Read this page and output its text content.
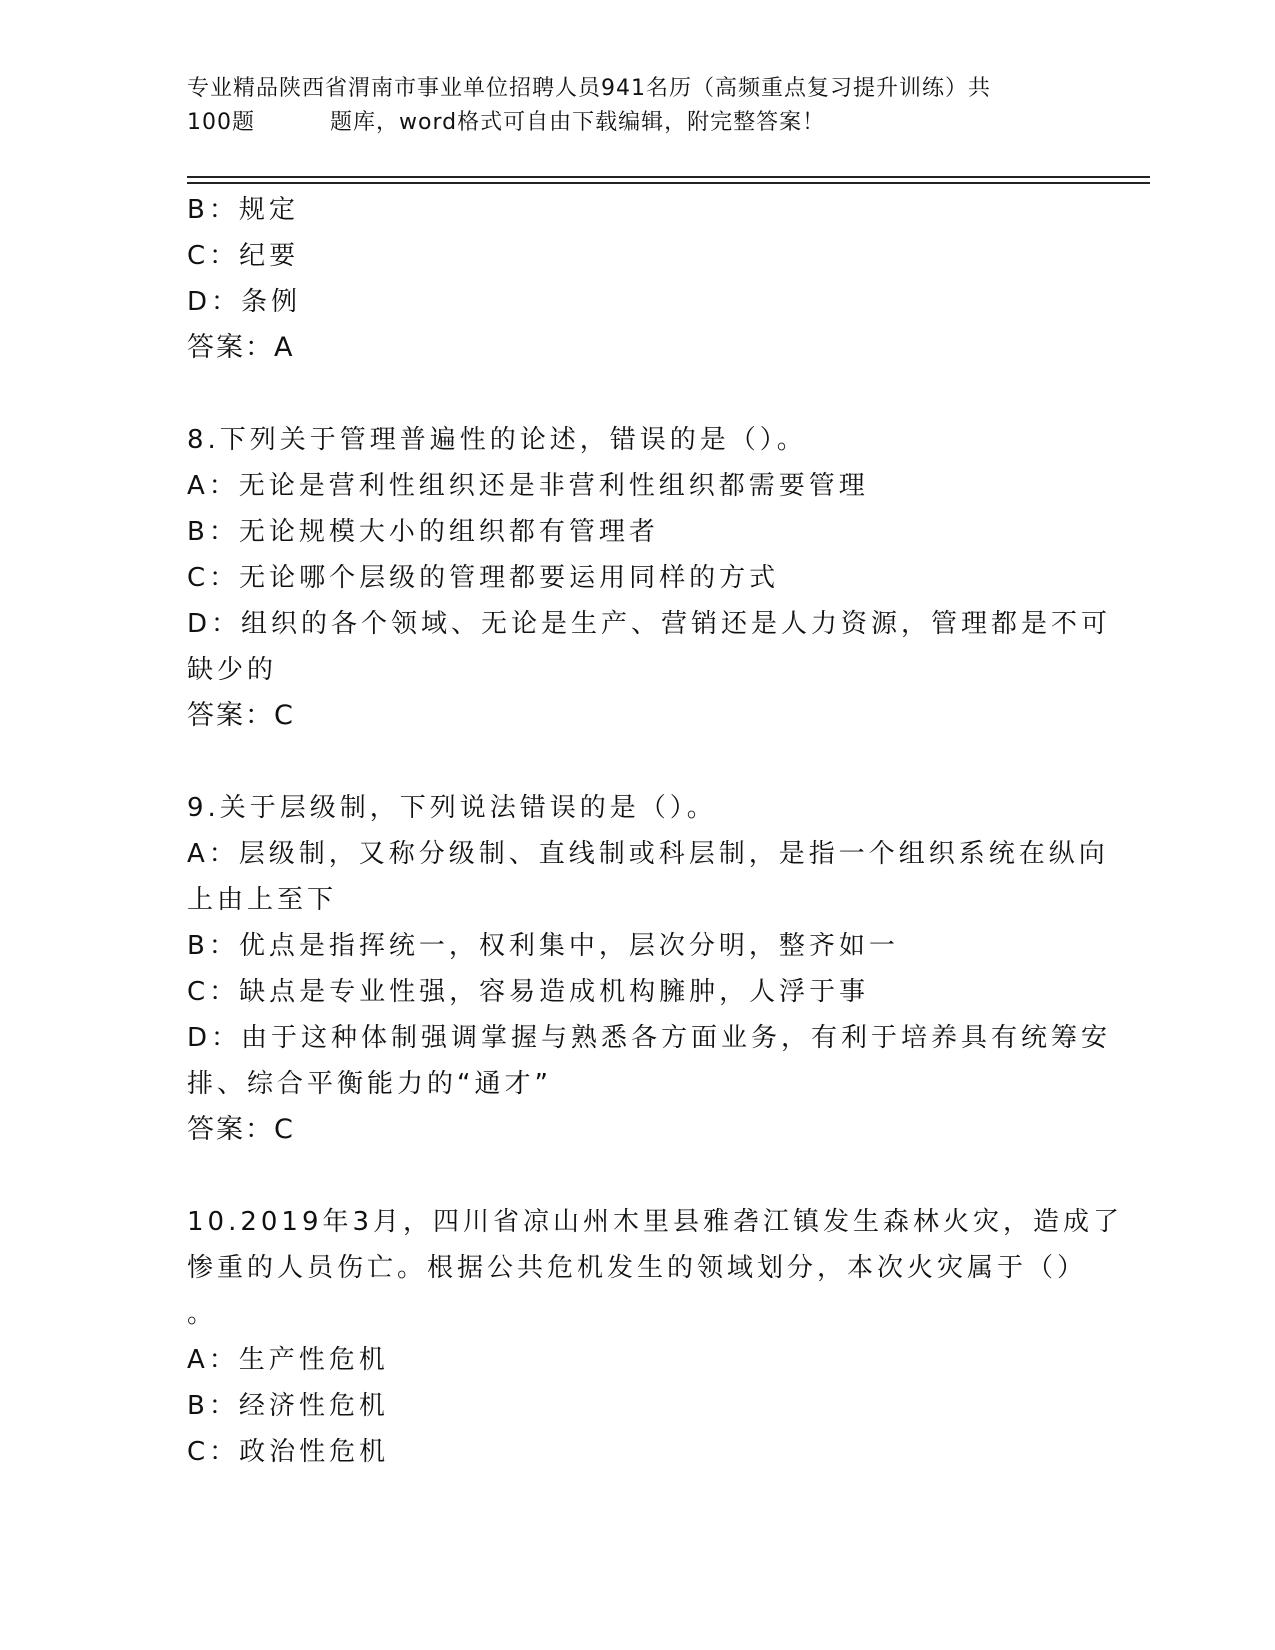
专业精品陕西省渭南市事业单位招聘人员941名历（高频重点复习提升训练）共
100题	题库，word格式可自由下载编辑，附完整答案！
B：规定
C：纪要
D：条例
答案：A
8.下列关于管理普遍性的论述，错误的是（）。
A：无论是营利性组织还是非营利性组织都需要管理
B：无论规模大小的组织都有管理者
C：无论哪个层级的管理都要运用同样的方式
D：组织的各个领域、无论是生产、营销还是人力资源，管理都是不可
缺少的
答案：C
9.关于层级制，下列说法错误的是（）。
A：层级制，又称分级制、直线制或科层制，是指一个组织系统在纵向
上由上至下
B：优点是指挥统一，权利集中，层次分明，整齐如一
C：缺点是专业性强，容易造成机构臃肿，人浮于事
D：由于这种体制强调掌握与熟悉各方面业务，有利于培养具有统筹安
排、综合平衡能力的“通才”
答案：C
10.2019年3月，四川省凉山州木里县雅砻江镇发生森林火灾，造成了
惨重的人员伤亡。根据公共危机发生的领域划分，本次火灾属于（）
。
A：生产性危机
B：经济性危机
C：政治性危机
